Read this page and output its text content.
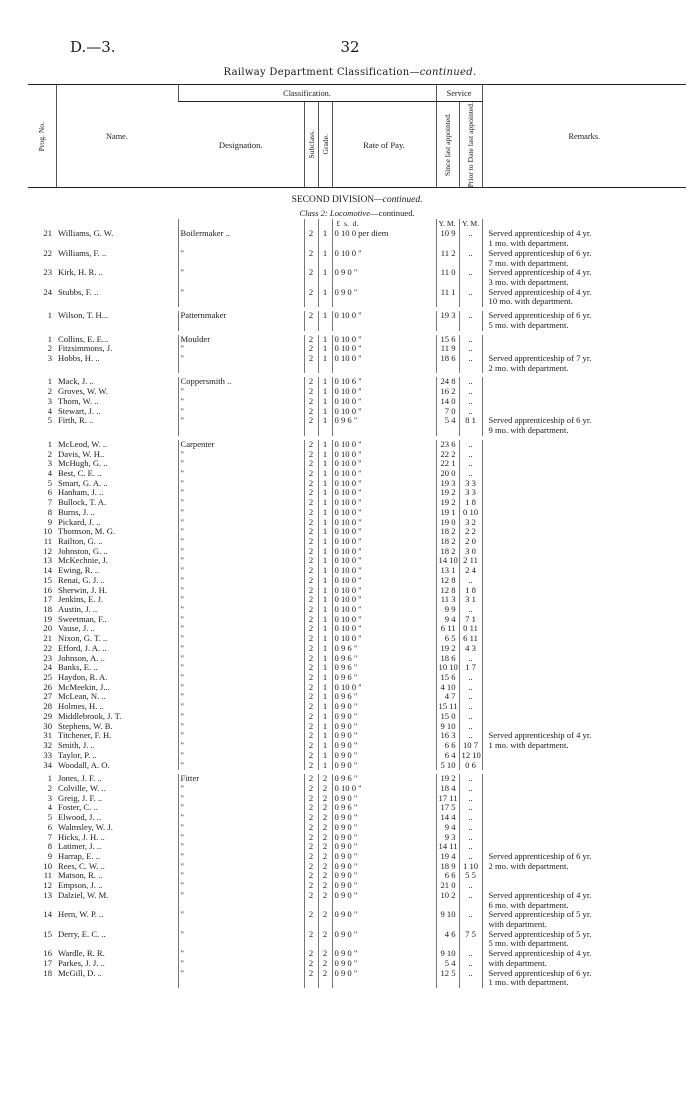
D.—3.	32
Railway Department Classification—continued.
Prog. No.	Name.	Classification.				Service		Remarks.
		Designation.	Subclass.	Grade.	Rate of Pay.	Since last appointed.	Prior to Date last appointed.	

SECOND DIVISION—continued.								
Class 2: Locomotive—continued.								
					£ s. d.	Y. M.	Y. M.	
21	Williams, G. W.	Boilermaker ..	2	1	0 10 0 per diem	10 9	..	Served apprenticeship of 4 yr.
								1 mo. with department.
22	Williams, F. ..	"	2	1	0 10 0 "	11 2	..	Served apprenticeship of 6 yr.
								7 mo. with department.
23	Kirk, H. R. ..	"	2	1	0 9 0 "	11 0	..	Served apprenticeship of 4 yr.
								3 mo. with department.
24	Stubbs, F. ..	"	2	1	0 9 0 "	11 1	..	Served apprenticeship of 4 yr.
								10 mo. with department.

1	Wilson, T. H...	Patternmaker	2	1	0 10 0 "	19 3	..	Served apprenticeship of 6 yr.
								5 mo. with department.

1	Collins, E. E...	Moulder	2	1	0 10 0 "	15 6	..	
2	Fitzsimmons, J.	"	2	1	0 10 0 "	11 9	..	
3	Hobbs, H. ..	"	2	1	0 10 0 "	18 6	..	Served apprenticeship of 7 yr.
								2 mo. with department.

1	Mack, J. ..	Coppersmith ..	2	1	0 10 6 "	24 8	..	
2	Groves, W. W.	"	2	1	0 10 0 "	16 2	..	
3	Thom, W. ..	"	2	1	0 10 0 "	14 0	..	
4	Stewart, J. ..	"	2	1	0 10 0 "	7 0	..	
5	Firth, R. ..	"	2	1	0 9 6 "	5 4	8 1	Served apprenticeship of 6 yr.
								9 mo. with department.

1	McLeod, W. ..	Carpenter	2	1	0 10 0 "	23 6	..	
2	Davis, W. H..	"	2	1	0 10 0 "	22 2	..	
3	McHugh, G. ..	"	2	1	0 10 0 "	22 1	..	
4	Best, C. E. ..	"	2	1	0 10 0 "	20 0	..	
5	Smart, G. A. ..	"	2	1	0 10 0 "	19 3	3 3	
6	Hanham, J. ..	"	2	1	0 10 0 "	19 2	3 3	
7	Bullock, T. A.	"	2	1	0 10 0 "	19 2	1 8	
8	Burns, J. ..	"	2	1	0 10 0 "	19 1	0 10	
9	Pickard, J. ..	"	2	1	0 10 0 "	19 0	3 2	
10	Thomson, M. G.	"	2	1	0 10 0 "	18 2	2 2	
11	Railton, G. ..	"	2	1	0 10 0 "	18 2	2 0	
12	Johnston, G. ..	"	2	1	0 10 0 "	18 2	3 0	
13	McKechnie, J.	"	2	1	0 10 0 "	14 10	2 11	
14	Ewing, R. ..	"	2	1	0 10 0 "	13 1	2 4	
15	Renai, G. J. ..	"	2	1	0 10 0 "	12 8	..	
16	Sherwin, J. H.	"	2	1	0 10 0 "	12 8	1 8	
17	Jenkins, E. J.	"	2	1	0 10 0 "	11 3	3 1	
18	Austin, J. ..	"	2	1	0 10 0 "	9 9	..	
19	Sweetman, F..	"	2	1	0 10 0 "	9 4	7 1	
20	Vause, J. ..	"	2	1	0 10 0 "	6 11	0 11	
21	Nixon, G. T. ..	"	2	1	0 10 0 "	6 5	6 11	
22	Efford, J. A. ..	"	2	1	0 9 6 "	19 2	4 3	
23	Johnson, A. ..	"	2	1	0 9 6 "	18 6	..	
24	Banks, E. ..	"	2	1	0 9 6 "	10 10	1 7	
25	Haydon, R. A.	"	2	1	0 9 6 "	15 6	..	
26	McMeekin, J...	"	2	1	0 10 0 "	4 10	..	
27	McLean, N. ..	"	2	1	0 9 6 "	4 7	..	
28	Holmes, H. ..	"	2	1	0 9 0 "	15 11	..	
29	Middlebrook, J. T.	"	2	1	0 9 0 "	15 0	..	
30	Stephens, W. B.	"	2	1	0 9 0 "	9 10	..	
31	Titchener, F. H.	"	2	1	0 9 0 "	16 3	..	Served apprenticeship of 4 yr.
32	Smith, J. ..	"	2	1	0 9 0 "	6 6	10 7	1 mo. with department.
33	Taylor, P. ..	"	2	1	0 9 0 "	6 4	12 10	
34	Woodall, A. O.	"	2	1	0 9 0 "	5 10	0 6	

1	Jones, J. F. ..	Fitter	2	2	0 9 6 "	19 2	..	
2	Colville, W. ..	"	2	2	0 10 0 "	18 4	..	
3	Greig, J. F. ..	"	2	2	0 9 0 "	17 11	..	
4	Foster, C. ..	"	2	2	0 9 6 "	17 5	..	
5	Elwood, J. ..	"	2	2	0 9 0 "	14 4	..	
6	Walmsley, W. J.	"	2	2	0 9 0 "	9 4	..	
7	Hicks, J. H. ..	"	2	2	0 9 0 "	9 3	..	
8	Latimer, J. ..	"	2	2	0 9 0 "	14 11	..	
9	Harrap, E. ..	"	2	2	0 9 0 "	19 4	..	Served apprenticeship of 6 yr.
10	Rees, C. W. ..	"	2	2	0 9 0 "	18 9	1 10	2 mo. with department.
11	Matson, R. ..	"	2	2	0 9 0 "	6 6	5 5	
12	Empson, J. ..	"	2	2	0 9 0 "	21 0	..	
13	Dalziel, W. M.	"	2	2	0 9 0 "	10 2	..	Served apprenticeship of 4 yr.
								6 mo. with department.
14	Hern, W. P. ..	"	2	2	0 9 0 "	9 10	..	Served apprenticeship of 5 yr.
								with department.
15	Derry, E. C. ..	"	2	2	0 9 0 "	4 6	7 5	Served apprenticeship of 5 yr.
								5 mo. with department.
16	Wardle, R. R.	"	2	2	0 9 0 "	9 10	..	Served apprenticeship of 4 yr.
17	Parkes, J. J. ..	"	2	2	0 9 0 "	5 4	..	with department.
18	McGill, D. ..	"	2	2	0 9 0 "	12 5	..	Served apprenticeship of 6 yr.
								1 mo. with department.
